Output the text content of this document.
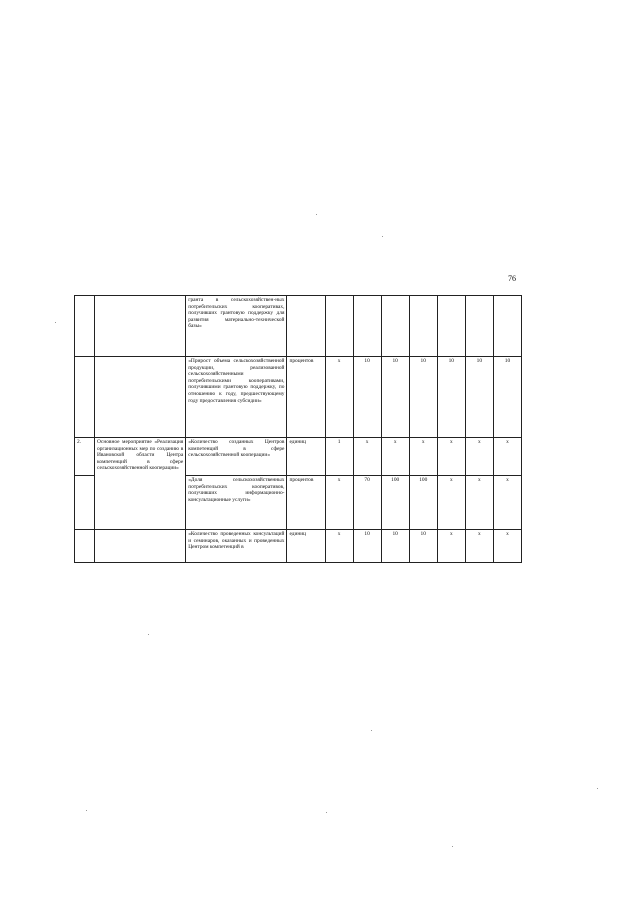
76
		гранта в сельскохозяйствен-ных потребительских кооперативах, получивших грантовую поддержку для развития материально-технической базы»								
		«Прирост объема сельскохозяйственной продукции, реализованной сельскохозяйственными потребительскими кооперативами, получившими грантовую поддержку, по отношению к году, предшествующему году предоставления субсидии»	процентов	x	10	10	10	10	10	10
2.	Основное мероприятие «Реализация организационных мер по созданию в Ивановской области Центра компетенций в сфере сельскохозяйственной кооперации»	«Количество созданных Центров компетенций в сфере сельскохозяйственной кооперации»	единиц	1	x	x	x	x	x	x
		«Доля сельскохозяйственных потребительских кооперативов, получивших информационно-консультационные услуги»	процентов	x	70	100	100	x	x	x
		«Количество проведенных консультаций и семинаров, оказанных и проведенных Центром компетенций в	единиц	x	10	10	10	x	x	x
